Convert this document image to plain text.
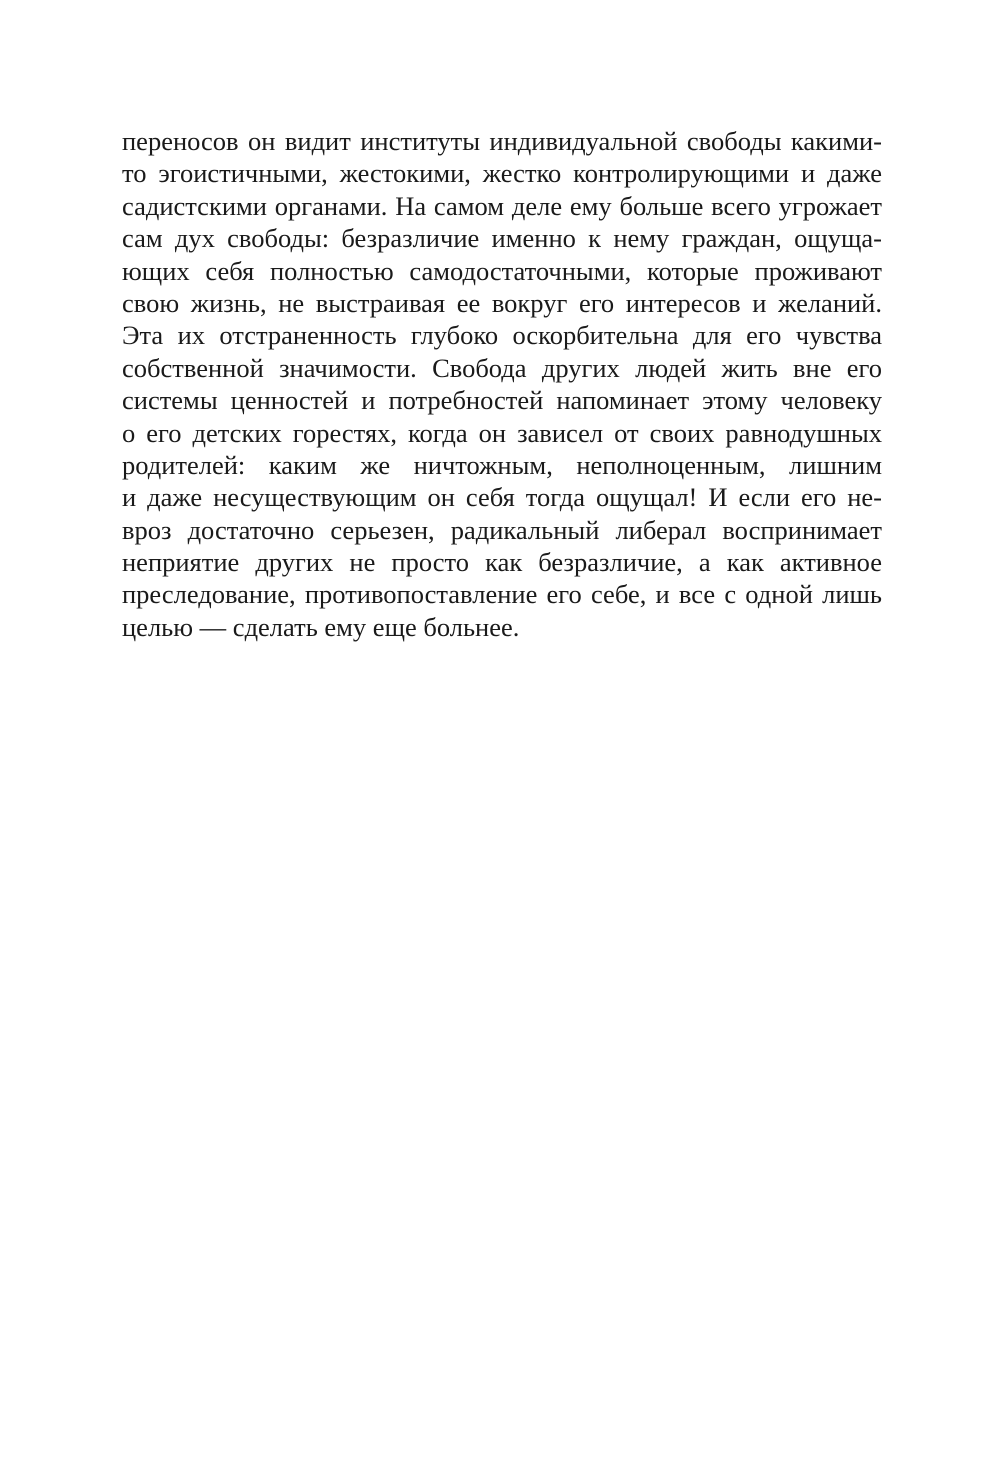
переносов он видит институты индивидуальной свободы какими-
то эгоистичными, жестокими, жестко контролирующими и даже
садистскими органами. На самом деле ему больше всего угрожает
сам дух свободы: безразличие именно к нему граждан, ощуща-
ющих себя полностью самодостаточными, которые проживают
свою жизнь, не выстраивая ее вокруг его интересов и желаний.
Эта их отстраненность глубоко оскорбительна для его чувства
собственной значимости. Свобода других людей жить вне его
системы ценностей и потребностей напоминает этому человеку
о его детских горестях, когда он зависел от своих равнодушных
родителей: каким же ничтожным, неполноценным, лишним
и даже несуществующим он себя тогда ощущал! И если его не-
вроз достаточно серьезен, радикальный либерал воспринимает
неприятие других не просто как безразличие, а как активное
преследование, противопоставление его себе, и все с одной лишь
целью — сделать ему еще больнее.
